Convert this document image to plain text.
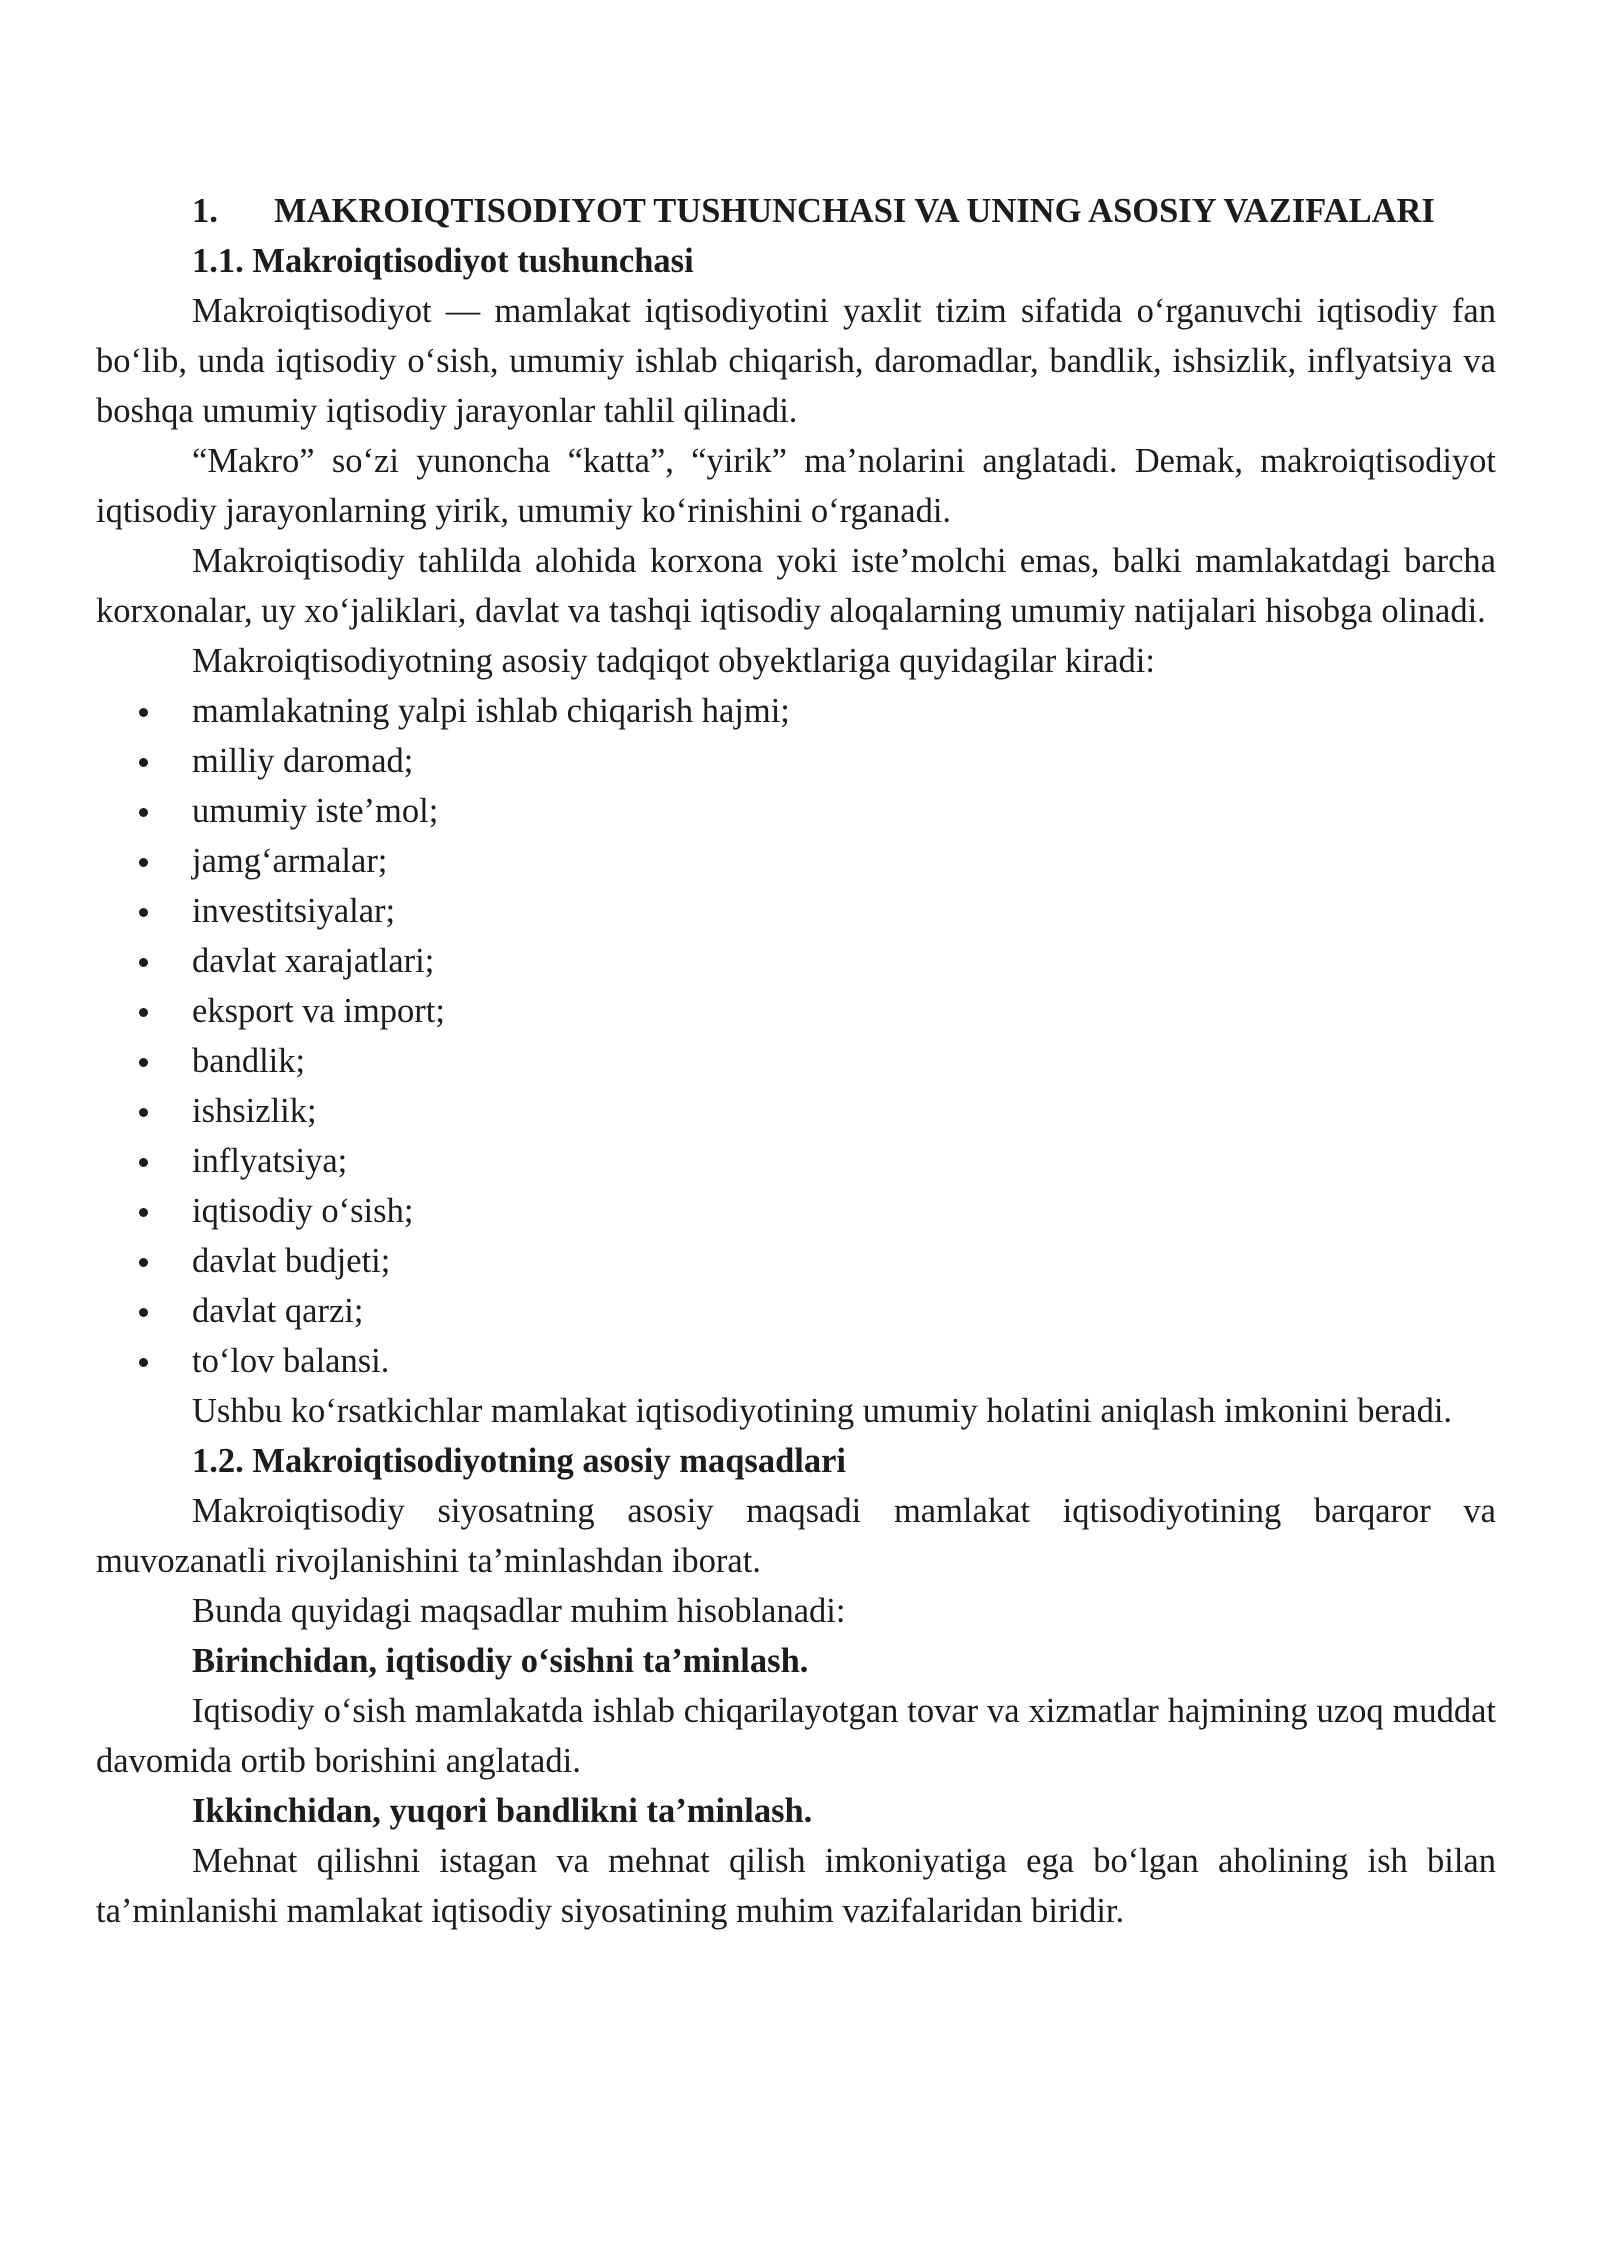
1. MAKROIQTISODIYOT TUSHUNCHASI VA UNING ASOSIY VAZIFALARI

1.1. Makroiqtisodiyot tushunchasi

Makroiqtisodiyot — mamlakat iqtisodiyotini yaxlit tizim sifatida o‘rganuvchi iqtisodiy fan bo‘lib, unda iqtisodiy o‘sish, umumiy ishlab chiqarish, daromadlar, bandlik, ishsizlik, inflyatsiya va boshqa umumiy iqtisodiy jarayonlar tahlil qilinadi.

“Makro” so‘zi yunoncha “katta”, “yirik” ma’nolarini anglatadi. Demak, makroiqtisodiyot iqtisodiy jarayonlarning yirik, umumiy ko‘rinishini o‘rganadi.

Makroiqtisodiy tahlilda alohida korxona yoki iste’molchi emas, balki mamlakatdagi barcha korxonalar, uy xo‘jaliklari, davlat va tashqi iqtisodiy aloqalarning umumiy natijalari hisobga olinadi.

Makroiqtisodiyotning asosiy tadqiqot obyektlariga quyidagilar kiradi:

mamlakatning yalpi ishlab chiqarish hajmi;
milliy daromad;
umumiy iste’mol;
jamg‘armalar;
investitsiyalar;
davlat xarajatlari;
eksport va import;
bandlik;
ishsizlik;
inflyatsiya;
iqtisodiy o‘sish;
davlat budjeti;
davlat qarzi;
to‘lov balansi.

Ushbu ko‘rsatkichlar mamlakat iqtisodiyotining umumiy holatini aniqlash imkonini beradi.

1.2. Makroiqtisodiyotning asosiy maqsadlari

Makroiqtisodiy siyosatning asosiy maqsadi mamlakat iqtisodiyotining barqaror va muvozanatli rivojlanishini ta’minlashdan iborat.

Bunda quyidagi maqsadlar muhim hisoblanadi:

Birinchidan, iqtisodiy o‘sishni ta’minlash.

Iqtisodiy o‘sish mamlakatda ishlab chiqarilayotgan tovar va xizmatlar hajmining uzoq muddat davomida ortib borishini anglatadi.

Ikkinchidan, yuqori bandlikni ta’minlash.

Mehnat qilishni istagan va mehnat qilish imkoniyatiga ega bo‘lgan aholining ish bilan ta’minlanishi mamlakat iqtisodiy siyosatining muhim vazifalaridan biridir.
